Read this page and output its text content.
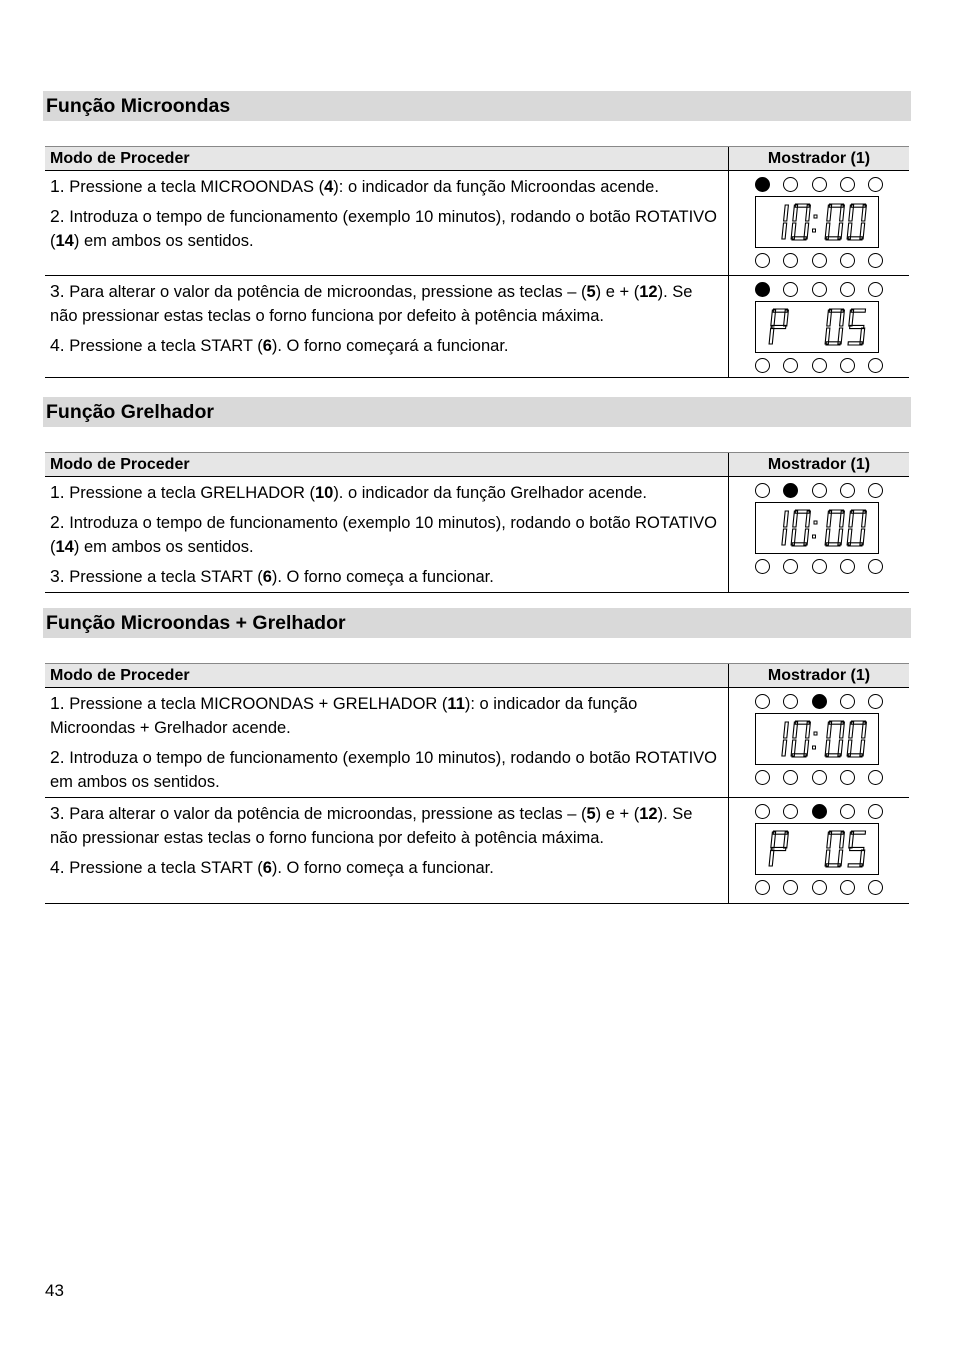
Função Microondas
Modo de Proceder	Mostrador (1)

1. Pressione a tecla MICROONDAS (4): o indicador da função Microondas acende.
2. Introduza o tempo de funcionamento (exemplo 10 minutos), rodando o botão ROTATIVO (14) em ambos os sentidos.

3. Para alterar o valor da potência de microondas, pressione as teclas – (5) e + (12). Se não pressionar estas teclas o forno funciona por defeito à potência máxima.
4. Pressione a tecla START (6). O forno começará a funcionar.

Função Grelhador
Modo de Proceder	Mostrador (1)

1. Pressione a tecla GRELHADOR (10). o indicador da função Grelhador acende.
2. Introduza o tempo de funcionamento (exemplo 10 minutos), rodando o botão ROTATIVO (14) em ambos os sentidos.
3. Pressione a tecla START (6). O forno começa a funcionar.

Função Microondas + Grelhador
Modo de Proceder	Mostrador (1)

1. Pressione a tecla MICROONDAS + GRELHADOR (11): o indicador da função Microondas + Grelhador acende.
2. Introduza o tempo de funcionamento (exemplo 10 minutos), rodando o botão ROTATIVO em ambos os sentidos.

3. Para alterar o valor da potência de microondas, pressione as teclas – (5) e + (12). Se não pressionar estas teclas o forno funciona por defeito à potência máxima.
4. Pressione a tecla START (6). O forno começa a funcionar.

43
